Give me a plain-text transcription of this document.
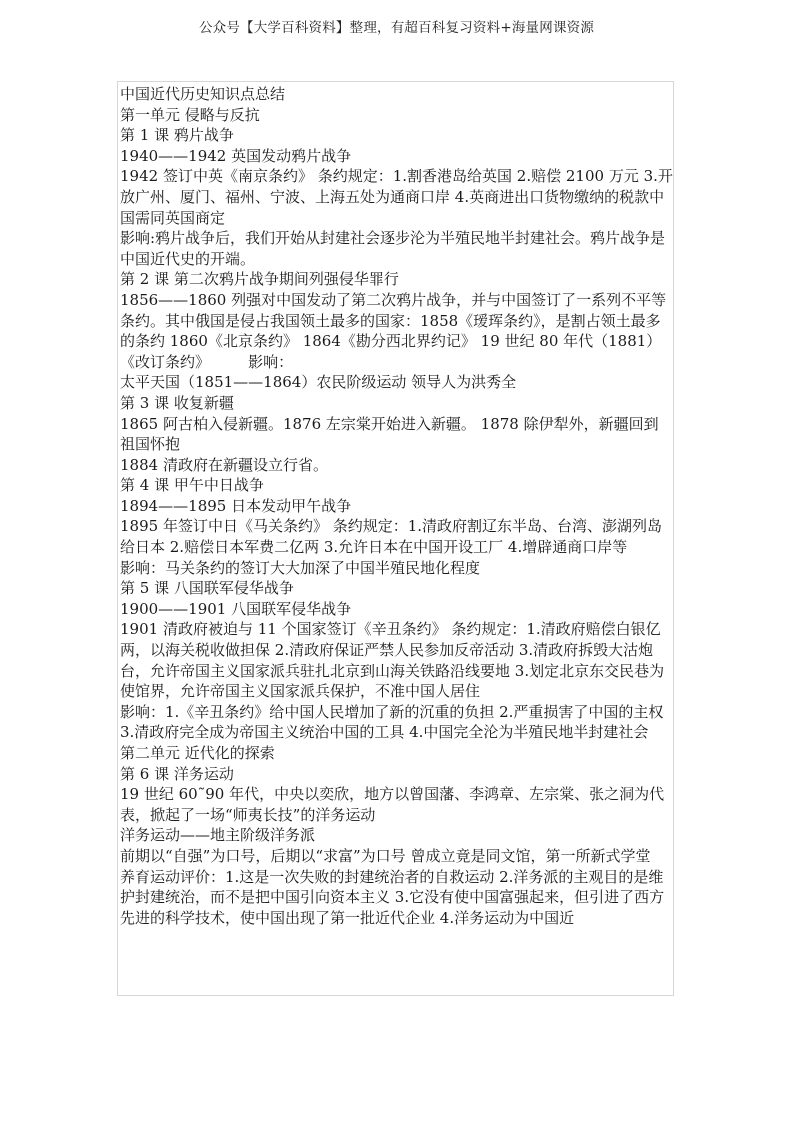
公众号【大学百科资料】整理，有超百科复习资料+海量网课资源

中国近代历史知识点总结

第一单元 侵略与反抗

第 1 课 鸦片战争

1940——1942 英国发动鸦片战争

1942 签订中英《南京条约》 条约规定：1.割香港岛给英国 2.赔偿 2100 万元 3.开放广州、厦门、福州、宁波、上海五处为通商口岸 4.英商进出口货物缴纳的税款中国需同英国商定

影响:鸦片战争后，我们开始从封建社会逐步沦为半殖民地半封建社会。鸦片战争是中国近代史的开端。

第 2 课 第二次鸦片战争期间列强侵华罪行

1856——1860 列强对中国发动了第二次鸦片战争，并与中国签订了一系列不平等条约。其中俄国是侵占我国领土最多的国家：1858《瑷珲条约》，是割占领土最多的条约 1860《北京条约》 1864《勘分西北界约记》 19 世纪 80 年代（1881）《改订条约》        影响：

太平天国（1851——1864）农民阶级运动 领导人为洪秀全

第 3 课 收复新疆

1865 阿古柏入侵新疆。1876 左宗棠开始进入新疆。 1878 除伊犁外，新疆回到祖国怀抱

1884 清政府在新疆设立行省。

第 4 课 甲午中日战争

1894——1895 日本发动甲午战争

1895 年签订中日《马关条约》 条约规定：1.清政府割辽东半岛、台湾、澎湖列岛给日本 2.赔偿日本军费二亿两 3.允许日本在中国开设工厂 4.增辟通商口岸等

影响：马关条约的签订大大加深了中国半殖民地化程度

第 5 课 八国联军侵华战争

1900——1901 八国联军侵华战争

1901 清政府被迫与 11 个国家签订《辛丑条约》 条约规定：1.清政府赔偿白银亿两，以海关税收做担保 2.清政府保证严禁人民参加反帝活动 3.清政府拆毁大沽炮台，允许帝国主义国家派兵驻扎北京到山海关铁路沿线要地 3.划定北京东交民巷为使馆界，允许帝国主义国家派兵保护，不准中国人居住

影响：1.《辛丑条约》给中国人民增加了新的沉重的负担 2.严重损害了中国的主权 3.清政府完全成为帝国主义统治中国的工具 4.中国完全沦为半殖民地半封建社会

第二单元 近代化的探索

第 6 课 洋务运动

19 世纪 60˜90 年代，中央以奕欣，地方以曾国藩、李鸿章、左宗棠、张之洞为代表，掀起了一场“师夷长技”的洋务运动

洋务运动——地主阶级洋务派

前期以“自强”为口号，后期以“求富”为口号 曾成立竟是同文馆，第一所新式学堂

养育运动评价：1.这是一次失败的封建统治者的自救运动 2.洋务派的主观目的是维护封建统治，而不是把中国引向资本主义 3.它没有使中国富强起来，但引进了西方先进的科学技术，使中国出现了第一批近代企业 4.洋务运动为中国近
